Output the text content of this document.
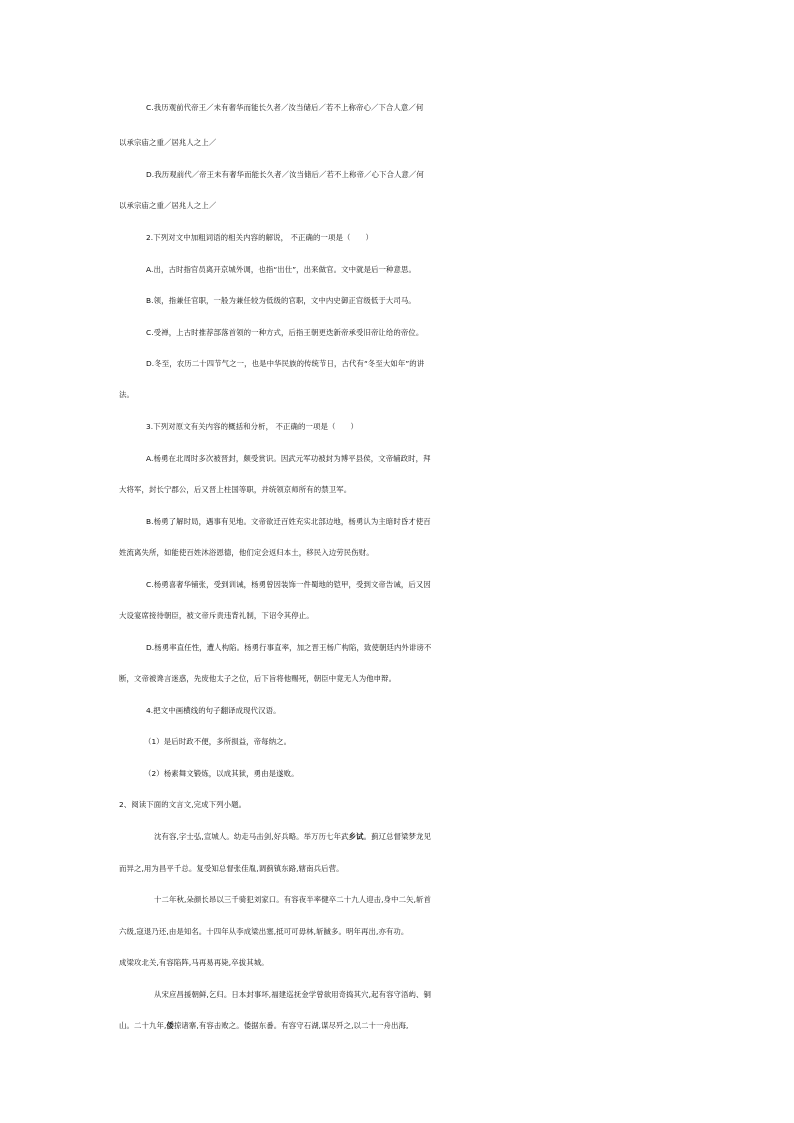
C.我历观前代帝王／未有奢华而能长久者／汝当储后／若不上称帝心／下合人意／何
以承宗庙之重／居兆人之上／
D.我历观前代／帝王未有奢华而能长久者／汝当储后／若不上称帝／心下合人意／何
以承宗庙之重／居兆人之上／
2.下列对文中加粗词语的相关内容的解说， 不正确的一项是（　　）
A.出，古时指官员离开京城外调，也指“出仕”，出来做官。文中就是后一种意思。
B.领，指兼任官职，一般为兼任较为低级的官职，文中内史御正官级低于大司马。
C.受禅，上古时推荐部落首领的一种方式，后指王朝更迭新帝承受旧帝让给的帝位。
D.冬至，农历二十四节气之一，也是中华民族的传统节日，古代有“冬至大如年”的讲
法。
3.下列对原文有关内容的概括和分析， 不正确的一项是（　　）
A.杨勇在北周时多次被晋封，颇受赏识。因武元军功被封为博平县侯，文帝辅政时，拜
大将军，封长宁郡公，后又晋上柱国等职，并统领京师所有的禁卫军。
B.杨勇了解时局，遇事有见地。文帝欲迁百姓充实北部边地，杨勇认为主暗时昏才使百
姓流离失所，如能使百姓沐浴恩德，他们定会返归本土，移民入边劳民伤财。
C.杨勇喜奢华铺张，受到训诫，杨勇曾因装饰一件蜀地的铠甲，受到文帝告诫，后又因
大设宴席接待朝臣，被文帝斥责违背礼制，下诏令其停止。
D.杨勇率直任性，遭人构陷。杨勇行事直率，加之晋王杨广构陷，致使朝廷内外诽谤不
断，文帝被谗言迷惑，先废他太子之位，后下旨将他赐死，朝臣中竟无人为他申辩。
4.把文中画横线的句子翻译成现代汉语。
（1）是后时政不便，多所损益，帝每纳之。
（2）杨素舞文锻炼，以成其狱，勇由是遂败。
2、阅读下面的文言文,完成下列小题。
沈有容,字士弘,宣城人。幼走马击剑,好兵略。举万历七年武乡试。蓟辽总督梁梦龙见
而异之,用为昌平千总。复受知总督张佳胤,调蓟镇东路,辖南兵后营。
十二年秋,朵颜长昂以三千骑犯刘家口。有容夜半率健卒二十九人迎击,身中二矢,斩首
六级,寇退乃还,由是知名。十四年从李成梁出塞,抵可可毋林,斩馘多。明年再出,亦有功。
成梁攻北关,有容陷阵,马再易再毙,卒拔其城。
从宋应昌援朝鲜,乞归。日本封事坏,福建巡抚金学曾欲用奇捣其穴,起有容守浯屿、铜
山。二十九年,倭掠诸寨,有容击败之。倭据东番。有容守石湖,谋尽歼之,以二十一舟出海,
